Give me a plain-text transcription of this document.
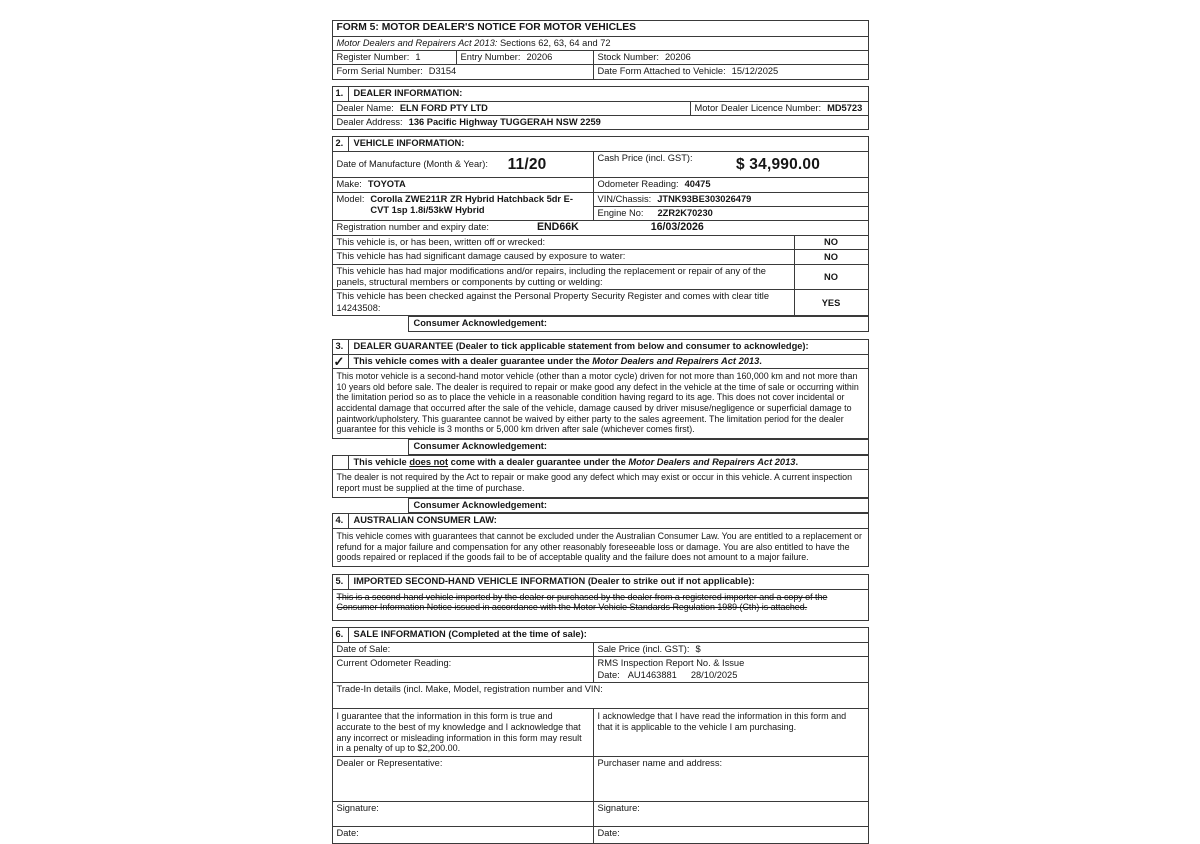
FORM 5: MOTOR DEALER'S NOTICE FOR MOTOR VEHICLES
Motor Dealers and Repairers Act 2013: Sections 62, 63, 64 and 72
Register Number: 1	Entry Number: 20206	Stock Number: 20206
Form Serial Number: D3154	Date Form Attached to Vehicle: 15/12/2025
1.	DEALER INFORMATION:
Dealer Name: ELN FORD PTY LTD	Motor Dealer Licence Number: MD5723
Dealer Address: 136 Pacific Highway TUGGERAH NSW 2259
2.	VEHICLE INFORMATION:
Date of Manufacture (Month & Year): 11/20	Cash Price (incl. GST):	$ 34,990.00
Make: TOYOTA	Odometer Reading: 40475
Model: Corolla ZWE211R ZR Hybrid Hatchback 5dr E-CVT 1sp 1.8i/53kW Hybrid
VIN/Chassis: JTNK93BE303026479
Engine No: 2ZR2K70230
Registration number and expiry date:	END66K	16/03/2026
This vehicle is, or has been, written off or wrecked:	NO
This vehicle has had significant damage caused by exposure to water:	NO
This vehicle has had major modifications and/or repairs, including the replacement or repair of any of the panels, structural members or components by cutting or welding:	NO
This vehicle has been checked against the Personal Property Security Register and comes with clear title 14243508:	YES
Consumer Acknowledgement:
3.	DEALER GUARANTEE (Dealer to tick applicable statement from below and consumer to acknowledge):
✓ This vehicle comes with a dealer guarantee under the Motor Dealers and Repairers Act 2013.
This motor vehicle is a second-hand motor vehicle (other than a motor cycle) driven for not more than 160,000 km and not more than 10 years old before sale. The dealer is required to repair or make good any defect in the vehicle at the time of sale or occurring within the limitation period so as to place the vehicle in a reasonable condition having regard to its age. This does not cover incidental or accidental damage that occurred after the sale of the vehicle, damage caused by driver misuse/negligence or superficial damage to paintwork/upholstery. This guarantee cannot be waived by either party to the sales agreement. The limitation period for the dealer guarantee for this vehicle is 3 months or 5,000 km driven after sale (whichever comes first).
Consumer Acknowledgement:
This vehicle does not come with a dealer guarantee under the Motor Dealers and Repairers Act 2013.
The dealer is not required by the Act to repair or make good any defect which may exist or occur in this vehicle. A current inspection report must be supplied at the time of purchase.
Consumer Acknowledgement:
4.	AUSTRALIAN CONSUMER LAW:
This vehicle comes with guarantees that cannot be excluded under the Australian Consumer Law. You are entitled to a replacement or refund for a major failure and compensation for any other reasonably foreseeable loss or damage. You are also entitled to have the goods repaired or replaced if the goods fail to be of acceptable quality and the failure does not amount to a major failure.
5.	IMPORTED SECOND-HAND VEHICLE INFORMATION (Dealer to strike out if not applicable):
This is a second-hand vehicle imported by the dealer or purchased by the dealer from a registered importer and a copy of the Consumer Information Notice issued in accordance with the Motor Vehicle Standards Regulation 1989 (Cth) is attached.
6.	SALE INFORMATION (Completed at the time of sale):
Date of Sale:	Sale Price (incl. GST): $
Current Odometer Reading:	RMS Inspection Report No. & Issue Date: AU1463881 28/10/2025
Trade-In details (incl. Make, Model, registration number and VIN:
I guarantee that the information in this form is true and accurate to the best of my knowledge and I acknowledge that any incorrect or misleading information in this form may result in a penalty of up to $2,200.00.
I acknowledge that I have read the information in this form and that it is applicable to the vehicle I am purchasing.
Dealer or Representative:	Purchaser name and address:
Signature:	Signature:
Date:	Date:
